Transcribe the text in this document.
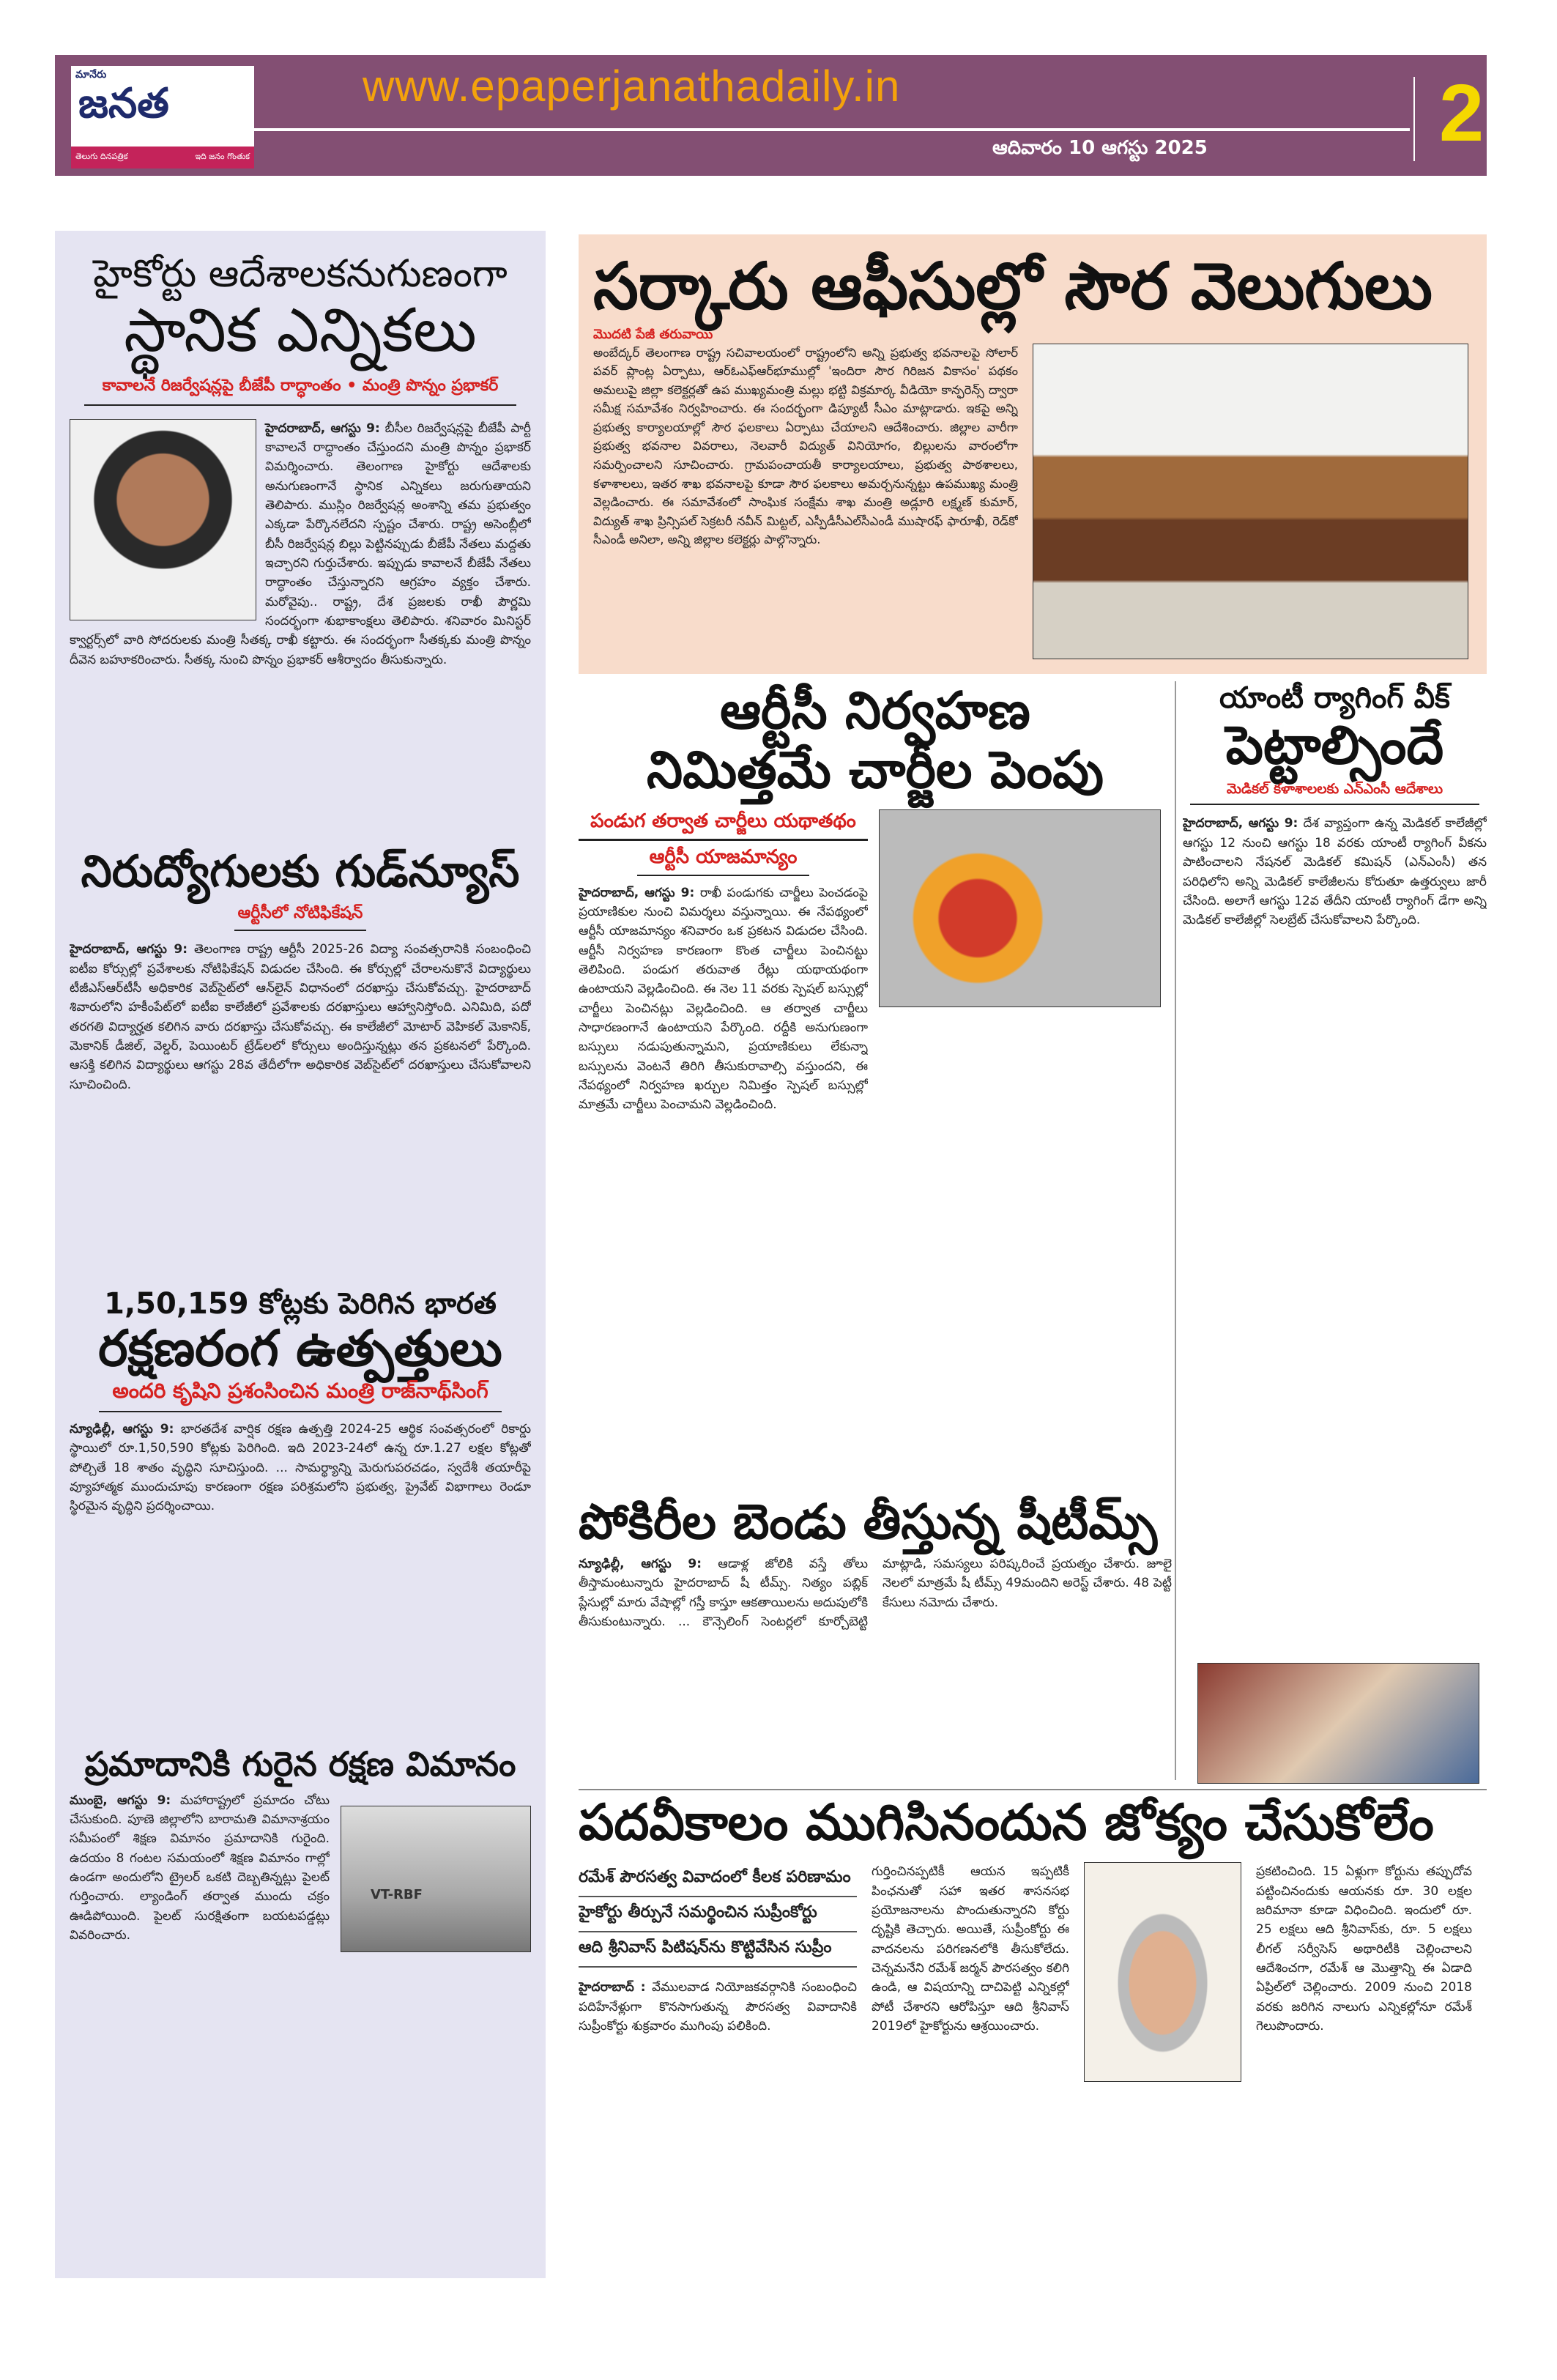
మానేరు
జనత
తెలుగు దినపత్రిక	ఇది జనం గొంతుక
www.epaperjanathadaily.in
ఆదివారం 10 ఆగస్టు 2025	2
హైకోర్టు ఆదేశాలకనుగుణంగా
స్థానిక ఎన్నికలు
కావాలనే రిజర్వేషన్లపై బీజేపీ రాద్ధాంతం • మంత్రి పొన్నం ప్రభాకర్
హైదరాబాద్, ఆగస్టు 9: బీసీల రిజర్వేషన్లపై బీజేపీ పార్టీ కావాలనే రాద్ధాంతం చేస్తుందని మంత్రి పొన్నం ప్రభాకర్ విమర్శించారు. తెలంగాణ హైకోర్టు ఆదేశాలకు అనుగుణంగానే స్థానిక ఎన్నికలు జరుగుతాయని తెలిపారు. ముస్లిం రిజర్వేషన్ల అంశాన్ని తమ ప్రభుత్వం ఎక్కడా పేర్కొనలేదని స్పష్టం చేశారు. రాష్ట్ర అసెంబ్లీలో బీసీ రిజర్వేషన్ల బిల్లు పెట్టినప్పుడు బీజేపీ నేతలు మద్దతు ఇచ్చారని గుర్తుచేశారు. ఇప్పుడు కావాలనే బీజేపీ నేతలు రాద్ధాంతం చేస్తున్నారని ఆగ్రహం వ్యక్తం చేశారు. మరోవైపు.. రాష్ట్ర, దేశ ప్రజలకు రాఖీ పౌర్ణమి సందర్భంగా శుభాకాంక్షలు తెలిపారు. శనివారం మినిస్టర్ క్వార్టర్స్‌లో వారి సోదరులకు మంత్రి సీతక్క రాఖీ కట్టారు. ఈ సందర్భంగా సీతక్కకు మంత్రి పొన్నం దీవెన బహూకరించారు. సీతక్క నుంచి పొన్నం ప్రభాకర్ ఆశీర్వాదం తీసుకున్నారు.
నిరుద్యోగులకు గుడ్‌న్యూస్
ఆర్టీసీలో నోటిఫికేషన్
హైదరాబాద్, ఆగస్టు 9: తెలంగాణ రాష్ట్ర ఆర్టీసీ 2025-26 విద్యా సంవత్సరానికి సంబంధించి ఐటీఐ కోర్సుల్లో ప్రవేశాలకు నోటిఫికేషన్ విడుదల చేసింది. ఈ కోర్సుల్లో చేరాలనుకొనే విద్యార్థులు టీజీఎస్‌ఆర్‌టీసీ అధికారిక వెబ్‌సైట్‌లో ఆన్‌లైన్ విధానంలో దరఖాస్తు చేసుకోవచ్చు. హైదరాబాద్ శివారులోని హకీంపేట్‌లో ఐటీఐ కాలేజీలో ప్రవేశాలకు దరఖాస్తులు ఆహ్వానిస్తోంది. ఎనిమిది, పదో తరగతి విద్యార్హత కలిగిన వారు దరఖాస్తు చేసుకోవచ్చు. ఈ కాలేజీలో మోటార్ వెహికల్ మెకానిక్, మెకానిక్ డీజిల్, వెల్డర్, పెయింటర్ ట్రేడ్‌లలో కోర్సులు అందిస్తున్నట్లు తన ప్రకటనలో పేర్కొంది. ఆసక్తి కలిగిన విద్యార్థులు ఆగస్టు 28వ తేదీలోగా అధికారిక వెబ్‌సైట్‌లో దరఖాస్తులు చేసుకోవాలని సూచించింది.
1,50,159 కోట్లకు పెరిగిన భారత
రక్షణరంగ ఉత్పత్తులు
అందరి కృషిని ప్రశంసించిన మంత్రి రాజ్‌నాథ్‌సింగ్
న్యూఢిల్లీ, ఆగస్టు 9: భారతదేశ వార్షిక రక్షణ ఉత్పత్తి 2024-25 ఆర్థిక సంవత్సరంలో రికార్డు స్థాయిలో రూ.1,50,590 కోట్లకు పెరిగింది. ఇది 2023-24లో ఉన్న రూ.1.27 లక్షల కోట్లతో పోల్చితే 18 శాతం వృద్ధిని సూచిస్తుంది. ... సామర్థ్యాన్ని మెరుగుపరచడం, స్వదేశీ తయారీపై వ్యూహాత్మక ముందుచూపు కారణంగా రక్షణ పరిశ్రమలోని ప్రభుత్వ, ప్రైవేట్ విభాగాలు రెండూ స్థిరమైన వృద్ధిని ప్రదర్శించాయి.
ప్రమాదానికి గురైన రక్షణ విమానం
ముంబై, ఆగస్టు 9: మహారాష్ట్రలో ప్రమాదం చోటు చేసుకుంది. పూణె జిల్లాలోని బారామతి విమానాశ్రయం సమీపంలో శిక్షణ విమానం ప్రమాదానికి గురైంది. ఉదయం 8 గంటల సమయంలో శిక్షణ విమానం గాల్లో ఉండగా అందులోని ట్రైలర్ ఒకటి దెబ్బతిన్నట్లు పైలట్ గుర్తించారు. ల్యాండింగ్ తర్వాత ముందు చక్రం ఊడిపోయింది. పైలట్ సురక్షితంగా బయటపడ్డట్లు వివరించారు.
VT-RBF
సర్కారు ఆఫీసుల్లో సౌర వెలుగులు
మొదటి పేజీ తరువాయి
అంబేద్కర్ తెలంగాణ రాష్ట్ర సచివాలయంలో రాష్ట్రంలోని అన్ని ప్రభుత్వ భవనాలపై సోలార్ పవర్ ప్లాంట్ల ఏర్పాటు, ఆర్‌ఓఎఫ్‌ఆర్‌భూముల్లో 'ఇందిరా సౌర గిరిజన వికాసం' పథకం అమలుపై జిల్లా కలెక్టర్లతో ఉప ముఖ్యమంత్రి మల్లు భట్టి విక్రమార్క వీడియో కాన్ఫరెన్స్ ద్వారా సమీక్ష సమావేశం నిర్వహించారు. ఈ సందర్భంగా డిప్యూటీ సీఎం మాట్లాడారు. ఇకపై అన్ని ప్రభుత్వ కార్యాలయాల్లో సౌర ఫలకాలు ఏర్పాటు చేయాలని ఆదేశించారు. జిల్లాల వారీగా ప్రభుత్వ భవనాల వివరాలు, నెలవారీ విద్యుత్ వినియోగం, బిల్లులను వారంలోగా సమర్పించాలని సూచించారు. గ్రామపంచాయతీ కార్యాలయాలు, ప్రభుత్వ పాఠశాలలు, కళాశాలలు, ఇతర శాఖ భవనాలపై కూడా సౌర ఫలకాలు అమర్చనున్నట్టు ఉపముఖ్య మంత్రి వెల్లడించారు. ఈ సమావేశంలో సాంఘిక సంక్షేమ శాఖ మంత్రి అడ్లూరి లక్ష్మణ్ కుమార్, విద్యుత్ శాఖ ప్రిన్సిపల్ సెక్రటరీ నవీన్ మిట్టల్, ఎస్పీడీసీఎల్‌సీఎండీ ముషారఫ్ ఫారూఖీ, రెడ్‌కో సీఎండీ అనిలా, అన్ని జిల్లాల కలెక్టర్లు పాల్గొన్నారు.
ఆర్టీసీ నిర్వహణ
నిమిత్తమే చార్జీల పెంపు
పండుగ తర్వాత చార్జీలు యథాతథం
ఆర్టీసీ యాజమాన్యం
హైదరాబాద్, ఆగస్టు 9: రాఖీ పండుగకు చార్జీలు పెంచడంపై ప్రయాణికుల నుంచి విమర్శలు వస్తున్నాయి. ఈ నేపథ్యంలో ఆర్టీసీ యాజమాన్యం శనివారం ఒక ప్రకటన విడుదల చేసింది. ఆర్టీసీ నిర్వహణ కారణంగా కొంత చార్జీలు పెంచినట్టు తెలిపింది. పండుగ తరువాత రేట్లు యథాయథంగా ఉంటాయని వెల్లడించింది. ఈ నెల 11 వరకు స్పెషల్ బస్సుల్లో చార్జీలు పెంచినట్లు వెల్లడించింది. ఆ తర్వాత చార్జీలు సాధారణంగానే ఉంటాయని పేర్కొంది. రద్దీకి అనుగుణంగా బస్సులు నడుపుతున్నామని, ప్రయాణికులు లేకున్నా బస్సులను వెంటనే తిరిగి తీసుకురావాల్సి వస్తుందని, ఈ నేపథ్యంలో నిర్వహణ ఖర్చుల నిమిత్తం స్పెషల్ బస్సుల్లో మాత్రమే చార్జీలు పెంచామని వెల్లడించింది.
యాంటీ ర్యాగింగ్ వీక్
పెట్టాల్సిందే
మెడికల్ కళాశాలలకు ఎన్ఎంసీ ఆదేశాలు
హైదరాబాద్, ఆగస్టు 9: దేశ వ్యాప్తంగా ఉన్న మెడికల్ కాలేజీల్లో ఆగస్టు 12 నుంచి ఆగస్టు 18 వరకు యాంటీ ర్యాగింగ్ వీకను పాటించాలని నేషనల్ మెడికల్ కమిషన్ (ఎన్ఎంసీ) తన పరిధిలోని అన్ని మెడికల్ కాలేజీలను కోరుతూ ఉత్తర్వులు జారీ చేసింది. అలాగే ఆగస్టు 12వ తేదీని యాంటీ ర్యాగింగ్ డేగా అన్ని మెడికల్ కాలేజీల్లో సెలబ్రేట్ చేసుకోవాలని పేర్కొంది.
పోకిరీల బెండు తీస్తున్న షీటీమ్స్
న్యూఢిల్లీ, ఆగస్టు 9: ఆడాళ్ల జోలికి వస్తే తోలు తీస్తామంటున్నారు హైదరాబాద్ షీ టీమ్స్. నిత్యం పబ్లిక్ ప్లేసుల్లో మారు వేషాల్లో గస్తీ కాస్తూ ఆకతాయిలను అదుపులోకి తీసుకుంటున్నారు. ... కౌన్సెలింగ్ సెంటర్లలో కూర్చోబెట్టి మాట్లాడి, సమస్యలు పరిష్కరించే ప్రయత్నం చేశారు. జూలై నెలలో మాత్రమే షీ టీమ్స్ 49మందిని అరెస్ట్ చేశారు. 48 పెట్టీ కేసులు నమోదు చేశారు.
పదవీకాలం ముగిసినందున జోక్యం చేసుకోలేం
రమేశ్ పౌరసత్వ వివాదంలో కీలక పరిణామం
హైకోర్టు తీర్పునే సమర్థించిన సుప్రీంకోర్టు
ఆది శ్రీనివాస్ పిటిషన్‌ను కొట్టివేసిన సుప్రీం
హైదరాబాద్ : వేములవాడ నియోజకవర్గానికి సంబంధించి పదిహేనేళ్లుగా కొనసాగుతున్న పౌరసత్వ వివాదానికి సుప్రీంకోర్టు శుక్రవారం ముగింపు పలికింది.
గుర్తించినప్పటికీ ఆయన ఇప్పటికీ పింఛనుతో సహా ఇతర శాసనసభ ప్రయోజనాలను పొందుతున్నారని కోర్టు దృష్టికి తెచ్చారు. అయితే, సుప్రీంకోర్టు ఈ వాదనలను పరిగణనలోకి తీసుకోలేదు. చెన్నమనేని రమేశ్ జర్మన్ పౌరసత్వం కలిగి ఉండి, ఆ విషయాన్ని దాచిపెట్టి ఎన్నికల్లో పోటీ చేశారని ఆరోపిస్తూ ఆది శ్రీనివాస్ 2019లో హైకోర్టును ఆశ్రయించారు.
ప్రకటించింది. 15 ఏళ్లుగా కోర్టును తప్పుదోవ పట్టించినందుకు ఆయనకు రూ. 30 లక్షల జరిమానా కూడా విధించింది. ఇందులో రూ. 25 లక్షలు ఆది శ్రీనివాస్‌కు, రూ. 5 లక్షలు లీగల్ సర్వీసెస్ అథారిటీకి చెల్లించాలని ఆదేశించగా, రమేశ్ ఆ మొత్తాన్ని ఈ ఏడాది ఏప్రిల్‌లో చెల్లించారు. 2009 నుంచి 2018 వరకు జరిగిన నాలుగు ఎన్నికల్లోనూ రమేశ్ గెలుపొందారు.
